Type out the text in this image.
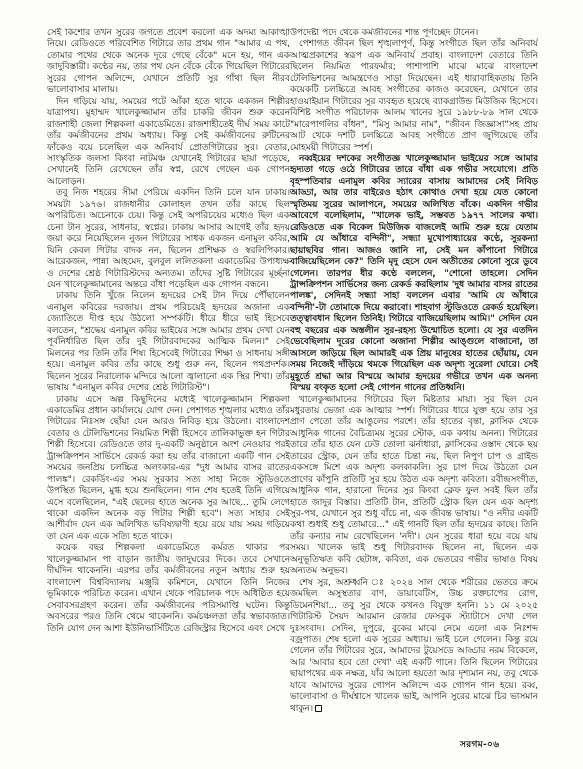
সেই কিশোর তখন সুরের জগতে প্রবেশ করলো এক অদম্য আকাঙ্খা নিয়ে। রেডিওতে পরিবেশিত গিটারে তার প্রথম গান "আমার এ পথ, তোমার পথের থেকে অনেক দূরে গেছে বেঁকে" মনে হয়, গান এক জাদুবিস্তারী। কণ্ঠের নয়, তার পথ যেন বেঁকে বেঁকে গিয়েছিল গিটারের সুরের গোপন অলিন্দে, যেখানে প্রতিটি সুর গাঁথা ছিল নীরব ভালোবাসার মালায়।

দিন গড়িয়ে যায়, সময়ের পটে আঁকা হতে থাকে একজন শিল্পীর যাত্রাপথ। মুহাম্মদ খালেকুজ্জামান তাঁর চাকরি জীবন শুরু করেন রাজশাহী জেলা শিল্পকলা একাডেমিতে। রাজশাহীতেই দীর্ঘ সময় কাটে তাঁর কর্মজীবনের প্রথম অধ্যায়। কিন্তু সেই কর্মজীবনের রুটিনের ফাঁকেও বয়ে চলেছিল এক অনিবার্য প্রোতগিটারের সুর। বেতার, সাংস্কৃতিক জলসা কিংবা নাটমঞ্চ যেখানেই গিটারের ছায়া পড়েছে, সেখানেই তিনি রেখেছেন তাঁর স্বপ্ন, রেখে গেছেন এক গোপন আলোড়ন।

তবু নিজ শহরের সীমা পেরিয়ে একদিন তিনি চলে যান ঢাকায়। সময়টা ১৯৭৬। রাজধানীর কোলাহল তখন তাঁর কাছে ছিল অপরিচিত। অচেনাকে চেয়। কিন্তু সেই অপরিচয়ের মধ্যেও ছিল এক চেনা টান সুরের, সাধনার, স্বপ্নের। ঢাকায় আসার আগেই তাঁর হৃদয় জয়া করে নিয়েছিলেন নুজন গিটারের সাধক একজন এনামুল কবির, যিনি কেবল গিটার বাদক নন, ছিলেন প্রশিক্ষক ও স্বরলিপিকার। আরেকজন, পান্না আহমেদ, বুলবুল ললিতকলা একাডেমির উপাধ্যক্ষ ও দেশের শ্রেষ্ঠ গিটারিস্টদের অন্যতম। তাঁদের সুষ্টি গিটারের মূৰ্চ্ছনা যেন খালেকুজ্জামানের অন্তরে বাঁধা পড়েছিল এক গোপন বন্ধনে।

ঢাকায় তিনি খুঁজে নিলেন হৃদয়ের সেই টান দিয়ে পৌঁছালেন এনামুল কবিরের দরজায়। প্রথম পরিচয়েই হৃদয়ের অজানা এক জ্যোতিতে দীপ্ত হয়ে উঠলো সম্পর্কটি। ধীরে ধীরে ভাই হিসেবে বলতেন, "শ্রদ্ধেয় এনামুল কবির ভাইয়ের সঙ্গে আমার প্রথম দেখা যেন পূর্বনির্ধারিত ছিল তাঁর দুই গিটারবাদকের আত্মিক মিলন।" সেই মিলনের পর তিনি তাঁর শিষ্য হিসেবেই গিটারের শিক্ষা ও সাধনায় সঙ্গী হয়ে। এনামুল কবির তাঁর কাছে শুধু গুরু নন, ছিলেন পথপ্রদর্শক। ছিলেন সুরের নিরালোক মন্দিরে আলো জ্বালানো এক স্থির শিখা। তাঁর ভাষায় "এনামুল কবির দেশের শ্রেষ্ঠ গিটারিস্ট"।

ঢাকায় এসে অল্প কিছুদিনের মধ্যেই খালেকুজ্জামান শিল্পকলা একাডেমির প্রধান কার্যালয়ে যোগ দেন। পেশাগত শৃঙ্খলার মধ্যেও তাঁর গিটারের নিঃসঙ্গ ছোঁয়া যেন আরও নিবিড় হয়ে উঠলো। বাংলাদেশ বেতার ও টেলিভিশনের নিয়মিত শিল্পী হিসেবে তালিকাভুক্ত হন গিটার শিল্পী হিসেবে। রেডিওতে তার দু-একটি অনুষ্ঠানে অংশ নেওয়ার পরই ট্রান্সক্রিপশন সার্ভিসে রেকর্ড করা হয় তাঁর বাজানো একটি গান সেই সময়ের জনপ্রিয় চলচ্চিত্র অলংকার-এর "দুধ আমার বাসর রাতের পালঙ্ক"। রেকর্ডিং-এর সময় সুরকার সত্য সাহা নিজে স্টুডিওতে উপস্থিত ছিলেন, মুগ্ধ হয়ে শুনছিলেন। গান শেষ হতেই তিনি এগিয়ে এসে বলেছিলেন, "এই ছেলের হাতে অনেক সুর আছে... তুমি লেগে থাকো একদিন অনেক বড় গিটার শিল্পী হবে"। সত্য সাহার সেই আশীর্বাদ যেন এক অলিখিত ভবিষ্যদ্বাণী হয়ে রয়ে যায় সময় গড়িয়ে তা যেন এক একে সত্যি হতে থাকে।

কয়েক বছর শিল্পকলা একাডেমিতে কর্মরত থাকার পর খালেকুজ্জামান পা বাড়ান জাতীয় জাদুঘরের দিকে। তবে সেখানে দীর্ঘদিন থাকেননি। এরপর তাঁর কর্মজীবনের নতুন অধ্যায় শুরু হয় বাংলাদেশ বিশ্ববিদ্যালয় মঞ্জুরি কমিশনে, যেখানে তিনি নিজের ভূমিকাকে পরিচিত করেন। এখান থেকে পরিচালক পদে অধিষ্ঠিত হয়ে সেবাবসরগ্রহণ করেন। তাঁর কর্মজীবনের পরিসমাপ্তি ঘটেন। কিন্তু অবসরের পরও তিনি থেমে থাকেননি। কর্মচঞ্চলতা তাঁর স্বভাবজাত। তিনি যোগ দেন আশা ইউনিভার্সিটিতে রেজিস্ট্রার হিসেবে এবং সেখে

উপদেষ্টা পদে থেকে কর্মজীবনের শান্ত পূর্ণচ্ছেদ টানেন।

পেশাগত জীবন ছিল শৃঙ্খলাপূর্ণ, কিন্তু সংগীতে ছিল তাঁর অনিবার্য আত্মপ্রকাশের স্বরূপ এক অনিবার্য প্রবাহ। বাংলাদেশ বেতারে তিনি ছিলেন নিয়মিত পারফর্মার; পাশাপাশি মাঝে মাঝে বাংলাদেশ টেলিভিশনের আমন্ত্রণেও সাড়া দিয়েছেন। এই ধারাবাহিকতায় তিনি কয়েকটি চলচ্চিত্রে আবহ সংগীতের কাজও করেছেন, যেখানে তার হাওয়াইয়ান গিটারের সুর ব্যবহৃত হয়েছে ব্যাকগ্রাউন্ড মিউজিক হিসেবে। বিশিষ্ট সংগীত পরিচালক আলম খানের সুরে ১৯৮৮-৮৯ সাল থেকে "মারেপাগলির বাঁধন", "মিসু আমার নাম", "জীবন জিজ্ঞাসা"সহ প্রায় আট থেকে দশটি চলচ্চিত্রে আবহ সংগীতে প্রাণ জুগিয়েছে তাঁর মোহময়ী গিটারের স্পর্শ।

নব্বইয়ের দশকের সংগীতজ্ঞ খালেকুজ্জামান ভাইয়ের সঙ্গে আমার হৃদ্যতা গড়ে ওঠে গিটারের তারে বাঁধা এক গভীর সংযোগে। প্রতি বৃহস্পতিবার এনামুল কবির স্যারের বাসায় আমাদের সেই নিবিড় আড্ডা, আর তার বাইরেও হঠাৎ কোথাও দেখা হয়ে যেত কোনো স্মৃতিময় সুরের আলাপনে, সময়ের অলিখিত বাঁকে। একদিন গভীর আবেগে বলেছিলাম, "খালেক ভাই, সম্ভবত ১৯৭৭ সালের কথা। রেডিওতে এক বিকেল মিউজিক বাজলেই আমি শুরু হয়ে যেতাম আমি যে আঁধারে বন্দিনী", সন্ধ্যা মুখোপাধ্যায়ের কণ্ঠে, সুরকন্যা ছায়াছবির গান। আজও জানি না, সেই মন কাঁপানো গিটারে বাজিয়েছিলেন কে?" তিনি মৃদু হেসে যেন অতীতের কোনো সুরে ডুবে গেলেন। তারপর ধীর কণ্ঠে বললেন, "শোনো তাহলে। সেদিন ট্রান্সক্রিপশন সার্ভিসের জন্য রেকর্ড করছিলাম 'দুধ আমার বাসর রাতের পালঙ্ক', সেদিনই সন্ধ্যা সাহা বললেন এবার 'আমি যে আঁধারে বন্দিনী'-টা তোমাকে দিয়ে করাবো। শাহবাগ স্টুডিওতে রেকর্ড হয়েছিল। তত্ত্বাবধান ছিলেন তিনিই। গিটারে বাজিয়েছিলাম আমি।" সেদিন যেন বহু বছরের এক অস্তলীন সুর-রহস্য উন্মোচিত হলো। যে সুর এতদিন ভেবেছিলাম দূরের কোনো অজানা শিল্পীর আঙ্গুলে বাজানো, তা আসলে জড়িয়ে ছিল আমারই এক প্রিয় মানুষের হাতের ছোঁয়ায়, যেন সময় নিজেই দাঁড়িয়ে থমকে গিয়েছিল এক অদৃশ্য সুরেলা ঘোরে। সেই মুহূর্তে শ্রদ্ধা আর বিস্ময়ে আমার হৃদয়ের গভীরে তখন এক অনন্য বিস্ময় বংকৃত হলো সেই গোপন গানের প্রতিধ্বনি।

খালেকুজ্জামানের গিটারের ছিল মিষ্টতার মায়া। সুর ছিল যেন মধুরতায় ভেজা এক আত্মার স্পর্শ। গিটারের ধারে যুক্ত হয়ে তার সুর প্রাণ পেতো তাঁর আঙুলের পরশে। তাঁর হাতের বৃন্তা, ক্লাসিক থেকে আধুনিক গানের বৈচিত্র্যময় সুরের স্টোক, এক কথায় অনন্য। গিটারের তারে তাঁর হাত যেন ঢেউ তোলা ঝর্নাধারা, ক্লাসিকের ওস্তাদ থেকে ছয় তারের স্ট্রোক, যেন তাঁর হাতে চিন্তা নয়, ছিল নিপুণ চাপ ও গ্রাইন্ড একসঙ্গে মিশে এক অদৃশ্য কলকাকলি। সুর চাপ দিয়ে উঠতো যেন প্রাণের কাঁপুনি প্রতিটি সুর হয়ে উঠত এক অদৃশ্য কবিতা। রবীন্দ্রসংগীত, আধুনিক গান, হারানো দিনের সুর কিংবা ক্লেফ ফুল সবই ছিল তাঁর হাতে জাদুর বিস্তার। প্রতিটি টান, প্রতিটি স্ট্রোক ছিল যেন এক অদৃশ্য সুর-পথ, যেখানে সুর শুধু বাঁচে না, এক জীবন্ত ভাষায়। "ও নদীর একটি কথা শুধাই শুধু তোমারে..." এই গানটি ছিল তাঁর হৃদয়ের কাছে। তিনি তাঁর কন্যার নাম রেখেছিলেন 'নদী'। যেন সুরের ধারা হয়ে বয়ে যায় সময়। খালেক ভাই শুধু গিটারবাদক ছিলেন না, ছিলেন এক অনুভূতিঋত কবি ছেটাঙ্গ, কবিতা, এক ভেতরের গভীর ভাষাও বিষয় অন্যতম অনুভব।

শেষ সুর, অশ্রুধ্বনি ঃ ২০২৪ সাল থেকে শরীরের ভেতরে ক্রমে জমছিল অসুস্থতার বাণ, ডায়াবেটিস, উচ্চ রক্তচাপের রোগ, ডিমেনশিয়া... তবু সুর থেকে কখনও বিযুক্ত হননি। ১১ মে ২০২৫ গিটারিস্ট সৈয়দ আরমান রেজার ফেসবুক স্ট্যাটাসে দেখা গেল দুঃসংবাদ। সেদিন, দুপুরে, বুকের মাঝে নেমে এলো এক নিঃশব্দ বজ্রপাত। শেষ হলো এক সুরের অধ্যায়। ভাই চলে গেলেন। কিন্তু রয়ে গেলেন তাঁর গিটারের সুরে, আমাদের টুয়েসডে আড্ডার নরম বিকেলে, আর 'আবার হবে তো দেখা' এই একটি গানে। তিনি ছিলেন গিটারের ছায়াপথের এক নক্ষত্র, যাঁর আলো হয়তো আর দৃশ্যমান নয়, তবু থেকে যাবে আমাদের সুরের গোপন অলিন্দে এক গোপন গান হয়ে। রব্ব, ভালোবাসা ও দীর্ঘশ্বাসে খালেক ভাই, আপনি সুরের মাঝে চির ভাসমান থাকুন।

সরগম-০৬
